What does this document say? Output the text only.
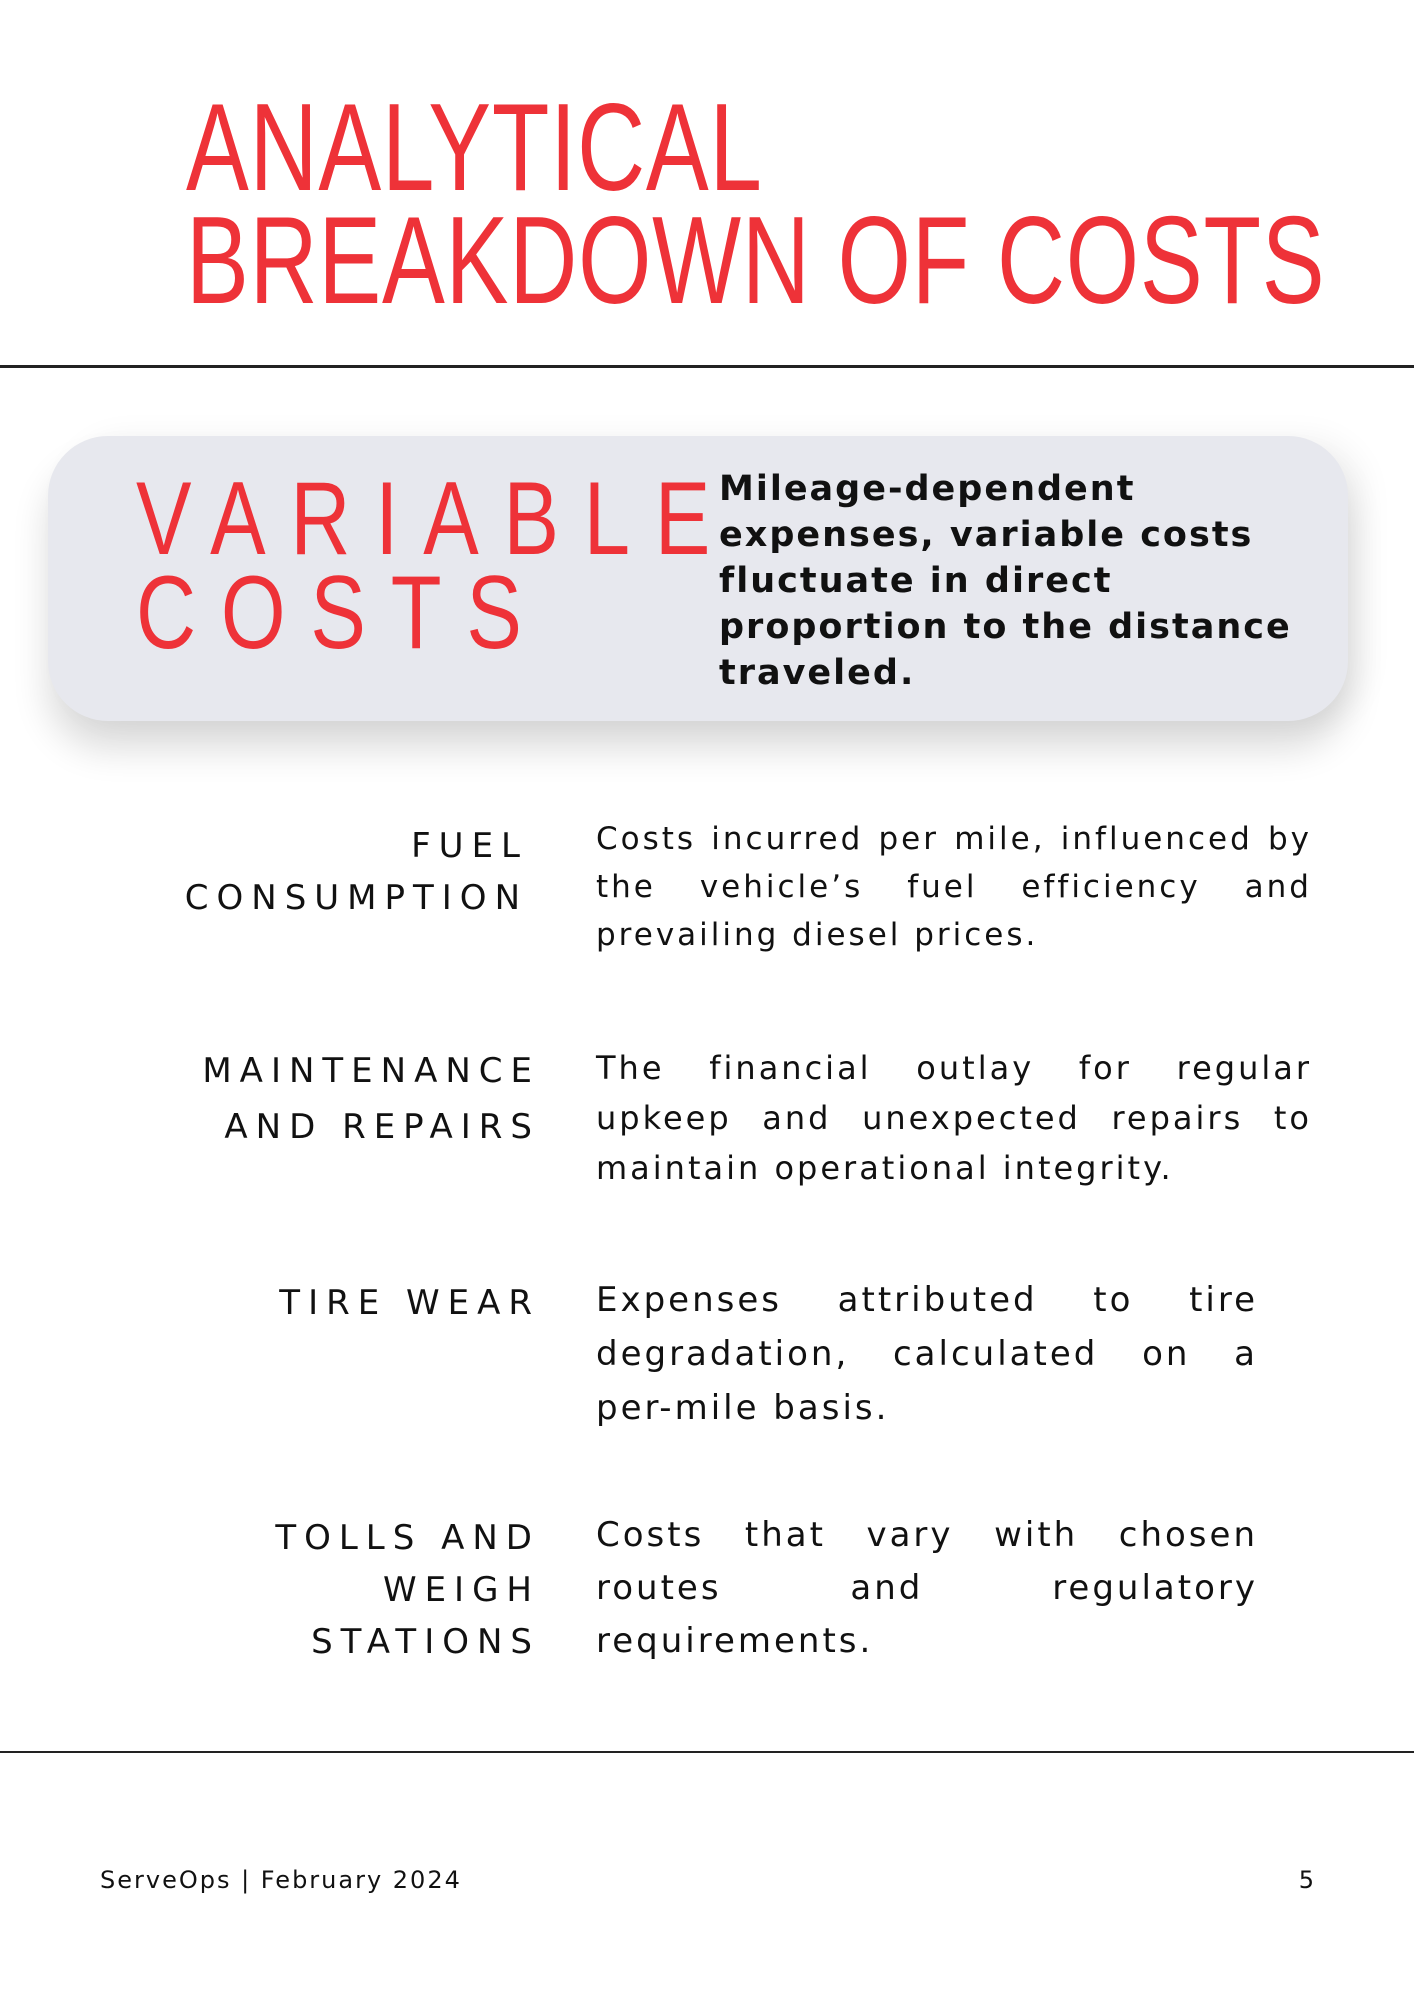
ANALYTICAL
BREAKDOWN OF COSTS
VARIABLE
COSTS
Mileage-dependent expenses, variable costs fluctuate in direct proportion to the distance traveled.
FUEL
CONSUMPTION
Costs incurred per mile, influenced by the vehicle’s fuel efficiency and prevailing diesel prices.
MAINTENANCE
AND REPAIRS
The financial outlay for regular upkeep and unexpected repairs to maintain operational integrity.
TIRE WEAR Expenses attributed to tire degradation, calculated on a per-mile basis.
TOLLS AND
WEIGH
STATIONS
Costs that vary with chosen routes and regulatory requirements.
ServeOps | February 2024	5
